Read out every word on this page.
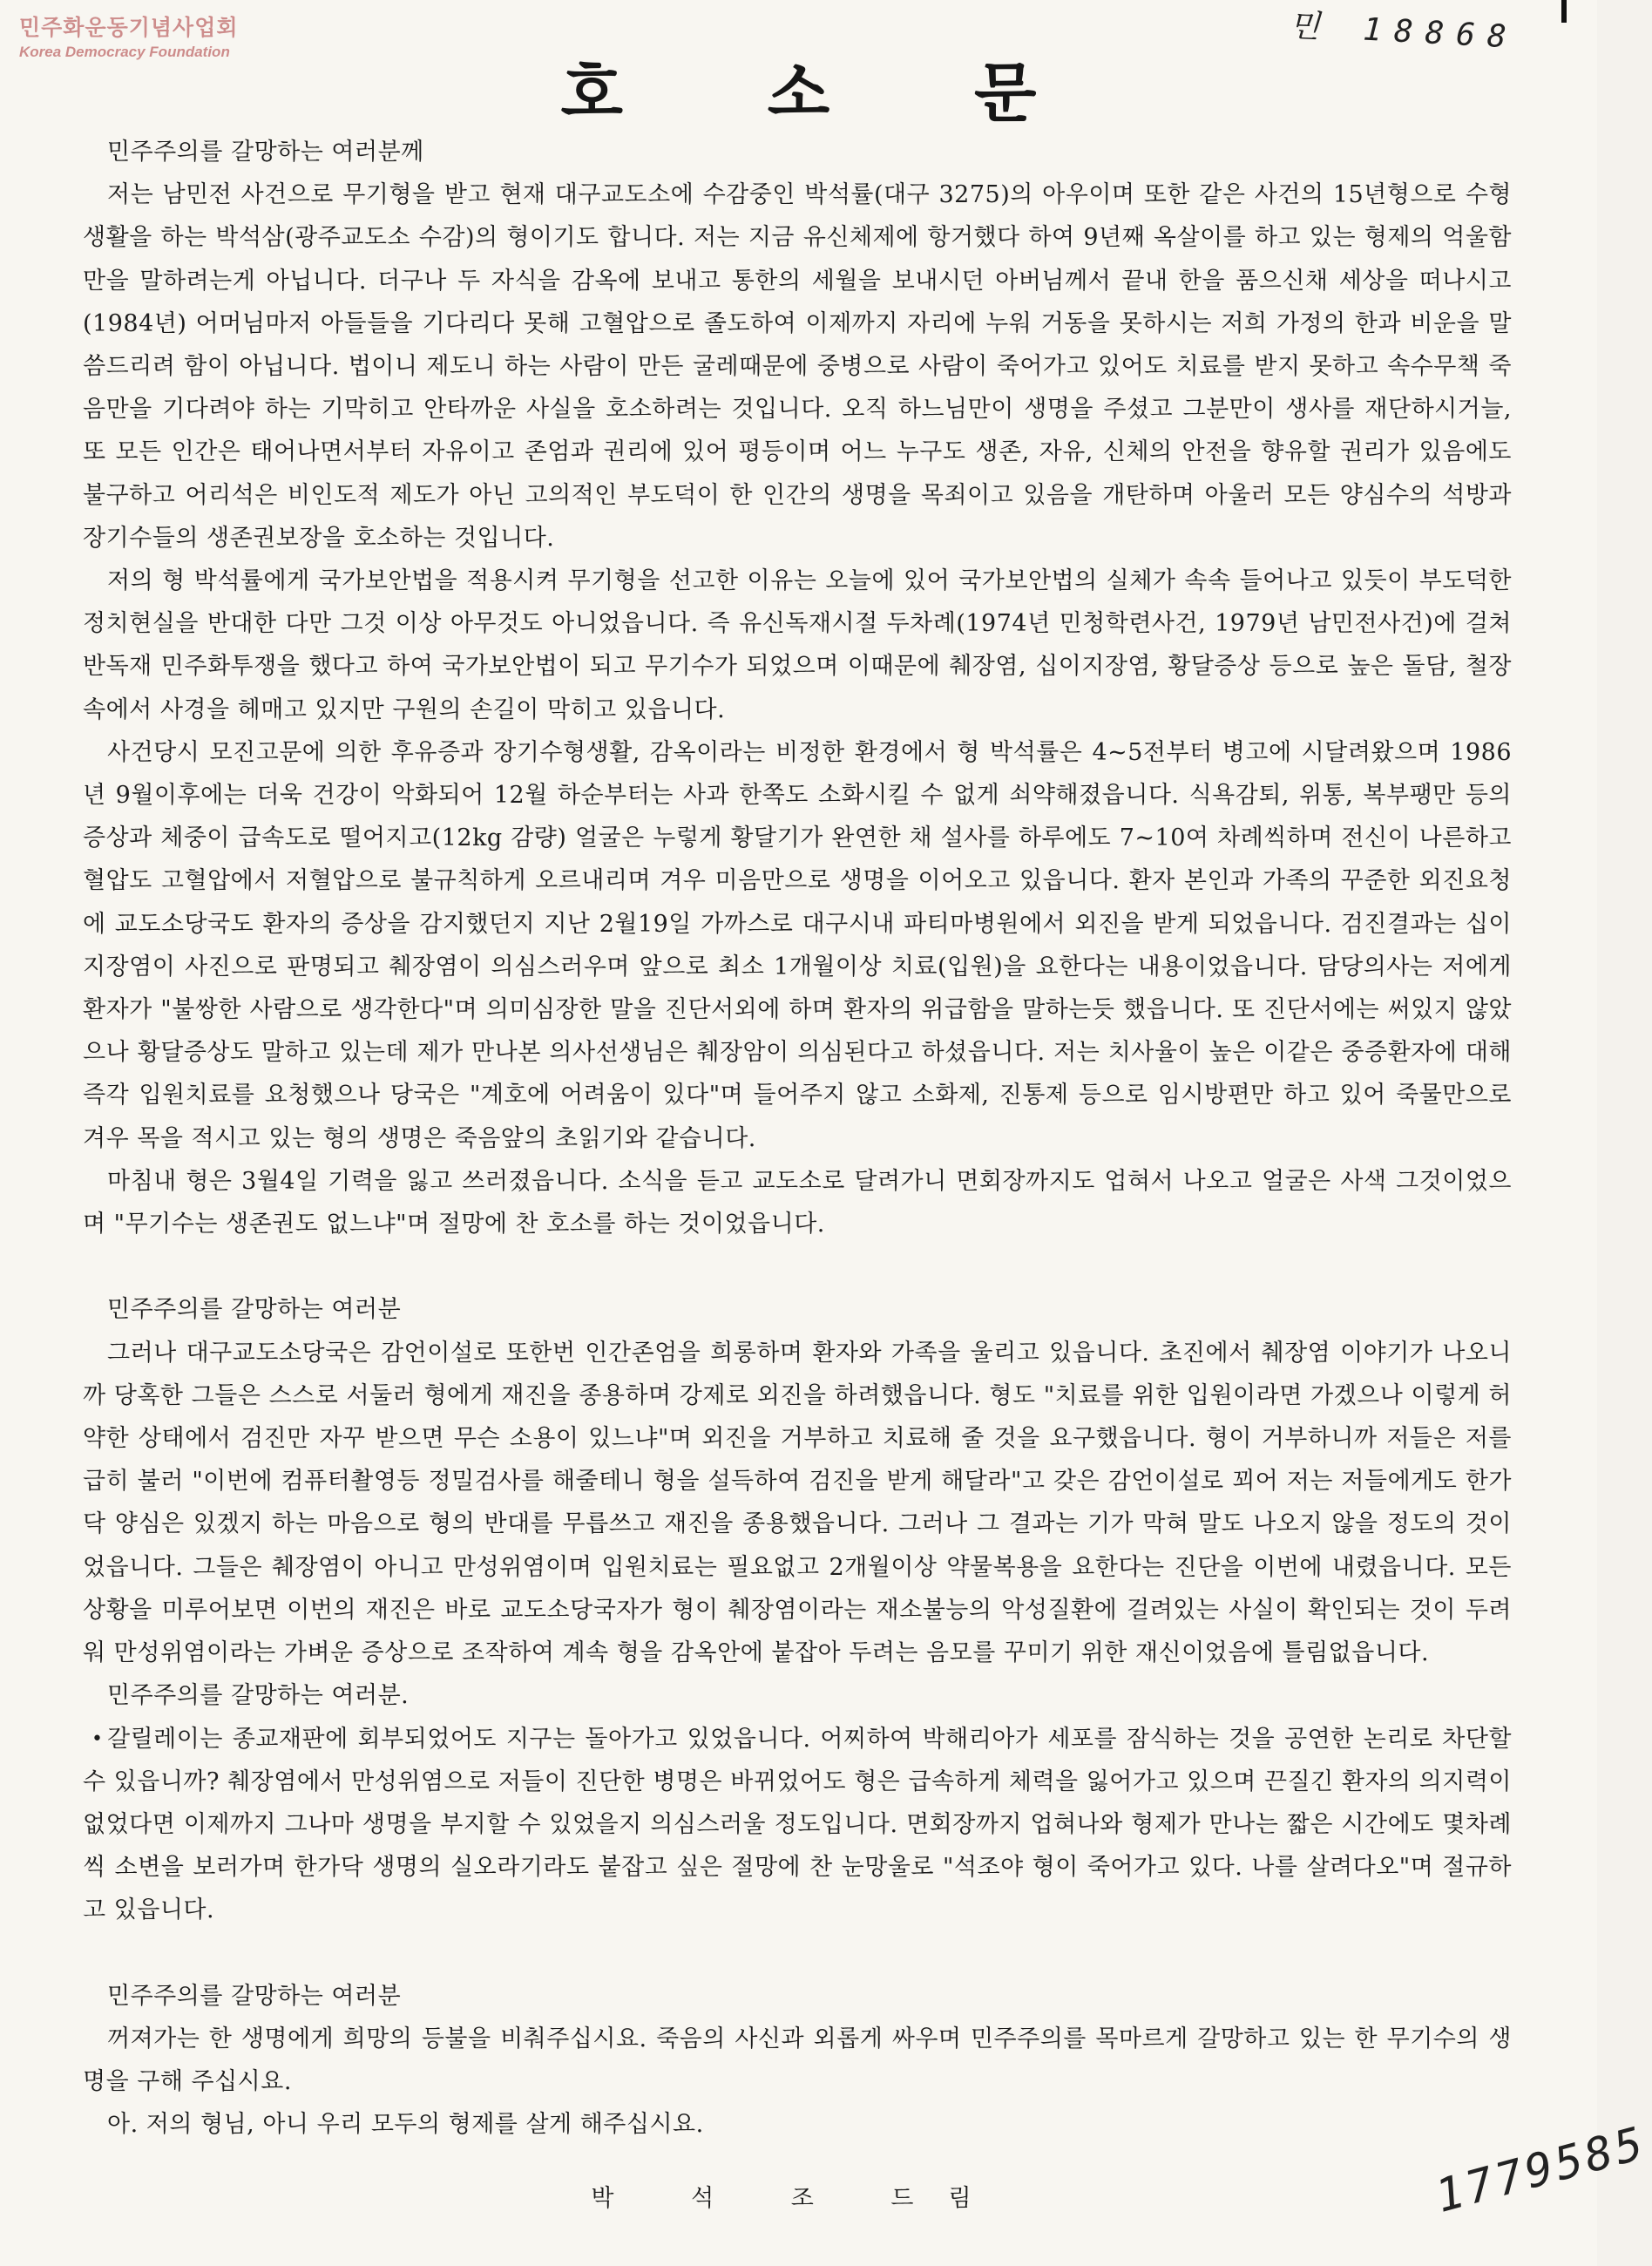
민주화운동기념사업회
Korea Democracy Foundation	민 18868
호 소 문

민주주의를 갈망하는 여러분께

저는 남민전 사건으로 무기형을 받고 현재 대구교도소에 수감중인 박석률(대구 3275)의 아우이며 또한 같은 사건의 15년형으로 수형생활을 하는 박석삼(광주교도소 수감)의 형이기도 합니다. 저는 지금 유신체제에 항거했다 하여 9년째 옥살이를 하고 있는 형제의 억울함만을 말하려는게 아닙니다. 더구나 두 자식을 감옥에 보내고 통한의 세월을 보내시던 아버님께서 끝내 한을 품으신채 세상을 떠나시고(1984년) 어머님마저 아들들을 기다리다 못해 고혈압으로 졸도하여 이제까지 자리에 누워 거동을 못하시는 저희 가정의 한과 비운을 말씀드리려 함이 아닙니다. 법이니 제도니 하는 사람이 만든 굴레때문에 중병으로 사람이 죽어가고 있어도 치료를 받지 못하고 속수무책 죽음만을 기다려야 하는 기막히고 안타까운 사실을 호소하려는 것입니다. 오직 하느님만이 생명을 주셨고 그분만이 생사를 재단하시거늘, 또 모든 인간은 태어나면서부터 자유이고 존엄과 권리에 있어 평등이며 어느 누구도 생존, 자유, 신체의 안전을 향유할 권리가 있음에도 불구하고 어리석은 비인도적 제도가 아닌 고의적인 부도덕이 한 인간의 생명을 목죄이고 있음을 개탄하며 아울러 모든 양심수의 석방과 장기수들의 생존권보장을 호소하는 것입니다.

저의 형 박석률에게 국가보안법을 적용시켜 무기형을 선고한 이유는 오늘에 있어 국가보안법의 실체가 속속 들어나고 있듯이 부도덕한 정치현실을 반대한 다만 그것 이상 아무것도 아니었읍니다. 즉 유신독재시절 두차례(1974년 민청학련사건, 1979년 남민전사건)에 걸쳐 반독재 민주화투쟁을 했다고 하여 국가보안법이 되고 무기수가 되었으며 이때문에 췌장염, 십이지장염, 황달증상 등으로 높은 돌담, 철장속에서 사경을 헤매고 있지만 구원의 손길이 막히고 있읍니다.

사건당시 모진고문에 의한 후유증과 장기수형생활, 감옥이라는 비정한 환경에서 형 박석률은 4~5전부터 병고에 시달려왔으며 1986년 9월이후에는 더욱 건강이 악화되어 12월 하순부터는 사과 한쪽도 소화시킬 수 없게 쇠약해졌읍니다. 식욕감퇴, 위통, 복부팽만 등의 증상과 체중이 급속도로 떨어지고(12kg 감량) 얼굴은 누렇게 황달기가 완연한 채 설사를 하루에도 7~10여 차례씩하며 전신이 나른하고 혈압도 고혈압에서 저혈압으로 불규칙하게 오르내리며 겨우 미음만으로 생명을 이어오고 있읍니다. 환자 본인과 가족의 꾸준한 외진요청에 교도소당국도 환자의 증상을 감지했던지 지난 2월19일 가까스로 대구시내 파티마병원에서 외진을 받게 되었읍니다. 검진결과는 십이지장염이 사진으로 판명되고 췌장염이 의심스러우며 앞으로 최소 1개월이상 치료(입원)을 요한다는 내용이었읍니다. 담당의사는 저에게 환자가 "불쌍한 사람으로 생각한다"며 의미심장한 말을 진단서외에 하며 환자의 위급함을 말하는듯 했읍니다. 또 진단서에는 써있지 않았으나 황달증상도 말하고 있는데 제가 만나본 의사선생님은 췌장암이 의심된다고 하셨읍니다. 저는 치사율이 높은 이같은 중증환자에 대해 즉각 입원치료를 요청했으나 당국은 "계호에 어려움이 있다"며 들어주지 않고 소화제, 진통제 등으로 임시방편만 하고 있어 죽물만으로 겨우 목을 적시고 있는 형의 생명은 죽음앞의 초읽기와 같습니다.

마침내 형은 3월4일 기력을 잃고 쓰러졌읍니다. 소식을 듣고 교도소로 달려가니 면회장까지도 업혀서 나오고 얼굴은 사색 그것이었으며 "무기수는 생존권도 없느냐"며 절망에 찬 호소를 하는 것이었읍니다.

민주주의를 갈망하는 여러분

그러나 대구교도소당국은 감언이설로 또한번 인간존엄을 희롱하며 환자와 가족을 울리고 있읍니다. 초진에서 췌장염 이야기가 나오니까 당혹한 그들은 스스로 서둘러 형에게 재진을 종용하며 강제로 외진을 하려했읍니다. 형도 "치료를 위한 입원이라면 가겠으나 이렇게 허약한 상태에서 검진만 자꾸 받으면 무슨 소용이 있느냐"며 외진을 거부하고 치료해 줄 것을 요구했읍니다. 형이 거부하니까 저들은 저를 급히 불러 "이번에 컴퓨터촬영등 정밀검사를 해줄테니 형을 설득하여 검진을 받게 해달라"고 갖은 감언이설로 꾀어 저는 저들에게도 한가닥 양심은 있겠지 하는 마음으로 형의 반대를 무릅쓰고 재진을 종용했읍니다. 그러나 그 결과는 기가 막혀 말도 나오지 않을 정도의 것이었읍니다. 그들은 췌장염이 아니고 만성위염이며 입원치료는 필요없고 2개월이상 약물복용을 요한다는 진단을 이번에 내렸읍니다. 모든 상황을 미루어보면 이번의 재진은 바로 교도소당국자가 형이 췌장염이라는 재소불능의 악성질환에 걸려있는 사실이 확인되는 것이 두려워 만성위염이라는 가벼운 증상으로 조작하여 계속 형을 감옥안에 붙잡아 두려는 음모를 꾸미기 위한 재신이었음에 틀림없읍니다.

민주주의를 갈망하는 여러분.

• 갈릴레이는 종교재판에 회부되었어도 지구는 돌아가고 있었읍니다. 어찌하여 박해리아가 세포를 잠식하는 것을 공연한 논리로 차단할 수 있읍니까? 췌장염에서 만성위염으로 저들이 진단한 병명은 바뀌었어도 형은 급속하게 체력을 잃어가고 있으며 끈질긴 환자의 의지력이 없었다면 이제까지 그나마 생명을 부지할 수 있었을지 의심스러울 정도입니다. 면회장까지 업혀나와 형제가 만나는 짧은 시간에도 몇차례씩 소변을 보러가며 한가닥 생명의 실오라기라도 붙잡고 싶은 절망에 찬 눈망울로 "석조야 형이 죽어가고 있다. 나를 살려다오"며 절규하고 있읍니다.

민주주의를 갈망하는 여러분

꺼져가는 한 생명에게 희망의 등불을 비춰주십시요. 죽음의 사신과 외롭게 싸우며 민주주의를 목마르게 갈망하고 있는 한 무기수의 생명을 구해 주십시요.

아. 저의 형님, 아니 우리 모두의 형제를 살게 해주십시요.

박 석 조 드림	1779585
